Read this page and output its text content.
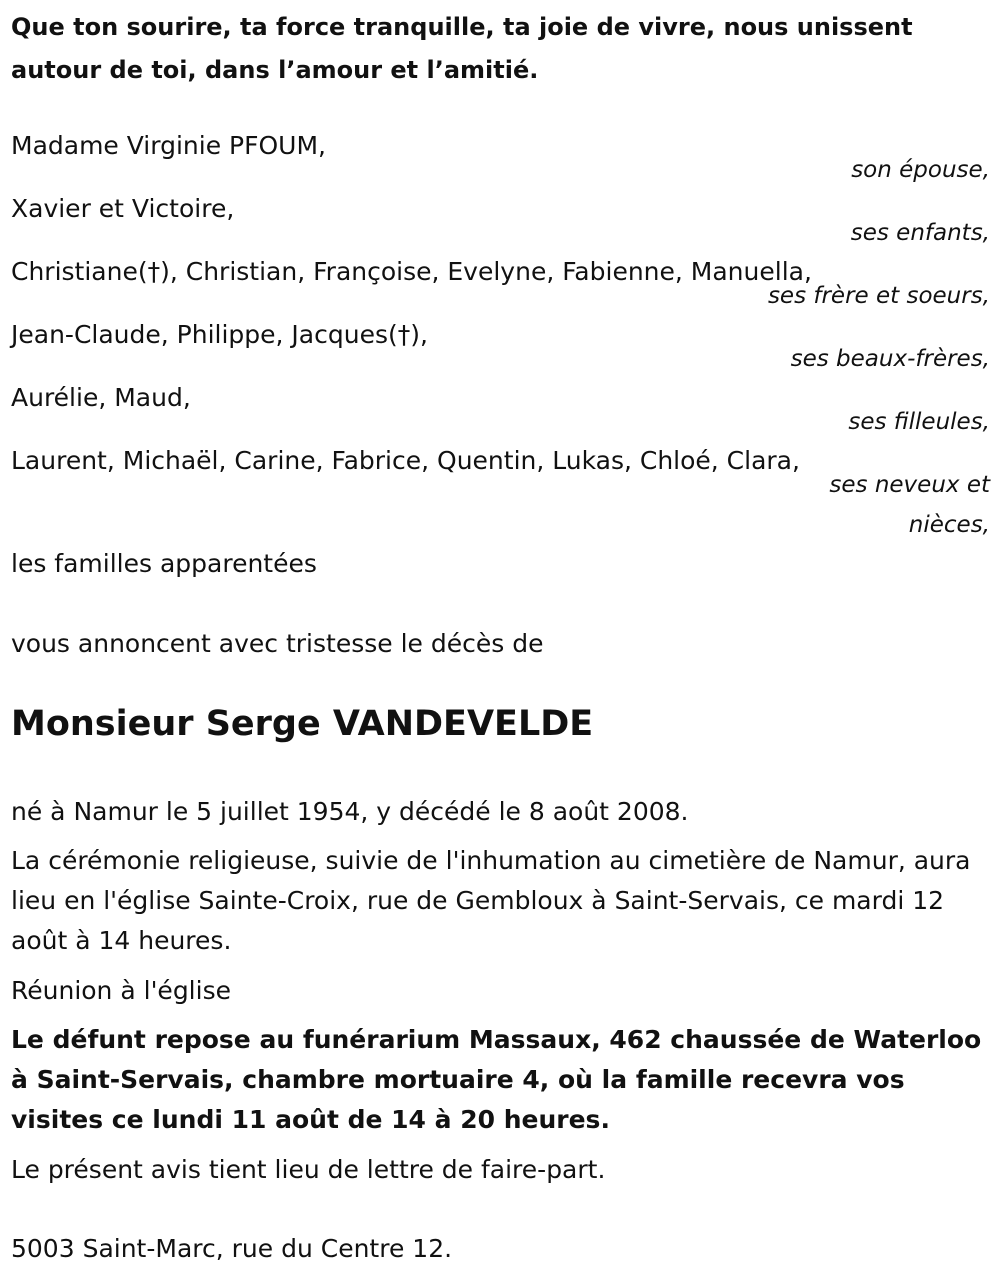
Que ton sourire, ta force tranquille, ta joie de vivre, nous unissent autour de toi, dans l’amour et l’amitié.

Madame Virginie PFOUM,
son épouse,
Xavier et Victoire,
ses enfants,
Christiane(†), Christian, Françoise, Evelyne, Fabienne, Manuella,
ses frère et soeurs,
Jean-Claude, Philippe, Jacques(†),
ses beaux-frères,
Aurélie, Maud,
ses filleules,
Laurent, Michaël, Carine, Fabrice, Quentin, Lukas, Chloé, Clara,
ses neveux et nièces,
les familles apparentées
vous annoncent avec tristesse le décès de
Monsieur Serge VANDEVELDE

né à Namur le 5 juillet 1954, y décédé le 8 août 2008.

La cérémonie religieuse, suivie de l'inhumation au cimetière de Namur, aura lieu en l'église Sainte-Croix, rue de Gembloux à Saint-Servais, ce mardi 12 août à 14 heures.

Réunion à l'église

Le défunt repose au funérarium Massaux, 462 chaussée de Waterloo à Saint-Servais, chambre mortuaire 4, où la famille recevra vos visites ce lundi 11 août de 14 à 20 heures.

Le présent avis tient lieu de lettre de faire-part.

5003 Saint-Marc, rue du Centre 12.
